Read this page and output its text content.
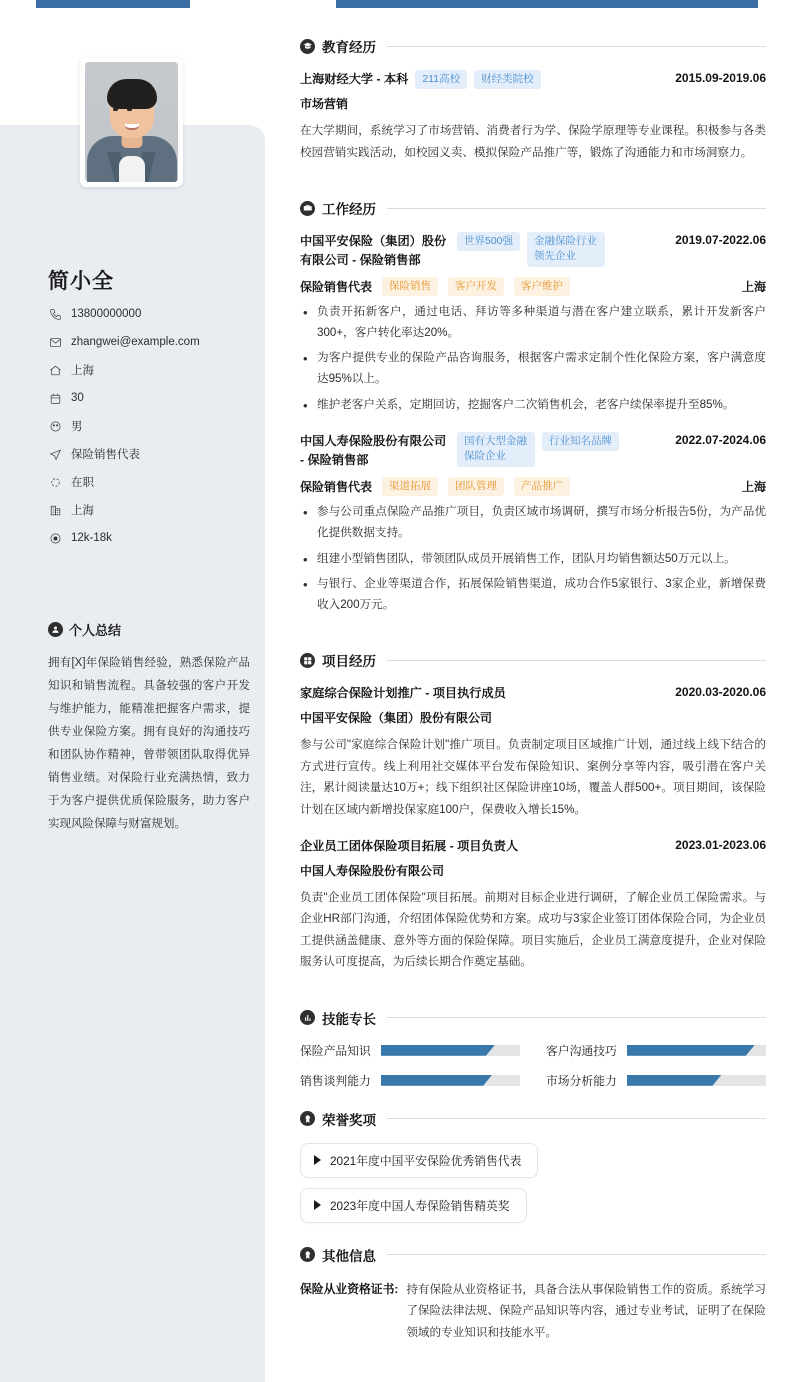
简小全
13800000000
zhangwei@example.com
上海
30
男
保险销售代表
在职
上海
12k-18k
个人总结
拥有[X]年保险销售经验，熟悉保险产品知识和销售流程。具备较强的客户开发与维护能力，能精准把握客户需求，提供专业保险方案。拥有良好的沟通技巧和团队协作精神，曾带领团队取得优异销售业绩。对保险行业充满热情，致力于为客户提供优质保险服务，助力客户实现风险保障与财富规划。
教育经历
上海财经大学 - 本科	211高校	财经类院校	2015.09-2019.06
市场营销
在大学期间，系统学习了市场营销、消费者行为学、保险学原理等专业课程。积极参与各类校园营销实践活动，如校园义卖、模拟保险产品推广等，锻炼了沟通能力和市场洞察力。
工作经历
中国平安保险（集团）股份有限公司 - 保险销售部
世界500强	金融保险行业领先企业
2019.07-2022.06
保险销售代表	保险销售	客户开发	客户维护	上海
• 负责开拓新客户，通过电话、拜访等多种渠道与潜在客户建立联系，累计开发新客户300+，客户转化率达20%。
• 为客户提供专业的保险产品咨询服务，根据客户需求定制个性化保险方案，客户满意度达95%以上。
• 维护老客户关系，定期回访，挖掘客户二次销售机会，老客户续保率提升至85%。
中国人寿保险股份有限公司 - 保险销售部
国有大型金融保险企业
行业知名品牌	2022.07-2024.06
保险销售代表	渠道拓展	团队管理	产品推广	上海
• 参与公司重点保险产品推广项目，负责区域市场调研，撰写市场分析报告5份，为产品优化提供数据支持。
• 组建小型销售团队，带领团队成员开展销售工作，团队月均销售额达50万元以上。
• 与银行、企业等渠道合作，拓展保险销售渠道，成功合作5家银行、3家企业，新增保费收入200万元。
项目经历
家庭综合保险计划推广 - 项目执行成员	2020.03-2020.06
中国平安保险（集团）股份有限公司
参与公司"家庭综合保险计划"推广项目。负责制定项目区域推广计划，通过线上线下结合的方式进行宣传。线上利用社交媒体平台发布保险知识、案例分享等内容，吸引潜在客户关注，累计阅读量达10万+；线下组织社区保险讲座10场，覆盖人群500+。项目期间，该保险计划在区域内新增投保家庭100户，保费收入增长15%。
企业员工团体保险项目拓展 - 项目负责人	2023.01-2023.06
中国人寿保险股份有限公司
负责"企业员工团体保险"项目拓展。前期对目标企业进行调研，了解企业员工保险需求。与企业HR部门沟通，介绍团体保险优势和方案。成功与3家企业签订团体保险合同，为企业员工提供涵盖健康、意外等方面的保险保障。项目实施后，企业员工满意度提升，企业对保险服务认可度提高，为后续长期合作奠定基础。
技能专长
保险产品知识	客户沟通技巧
销售谈判能力	市场分析能力
荣誉奖项
2021年度中国平安保险优秀销售代表
2023年度中国人寿保险销售精英奖
其他信息
保险从业资格证书: 持有保险从业资格证书，具备合法从事保险销售工作的资质。系统学习了保险法律法规、保险产品知识等内容，通过专业考试，证明了在保险领域的专业知识和技能水平。
